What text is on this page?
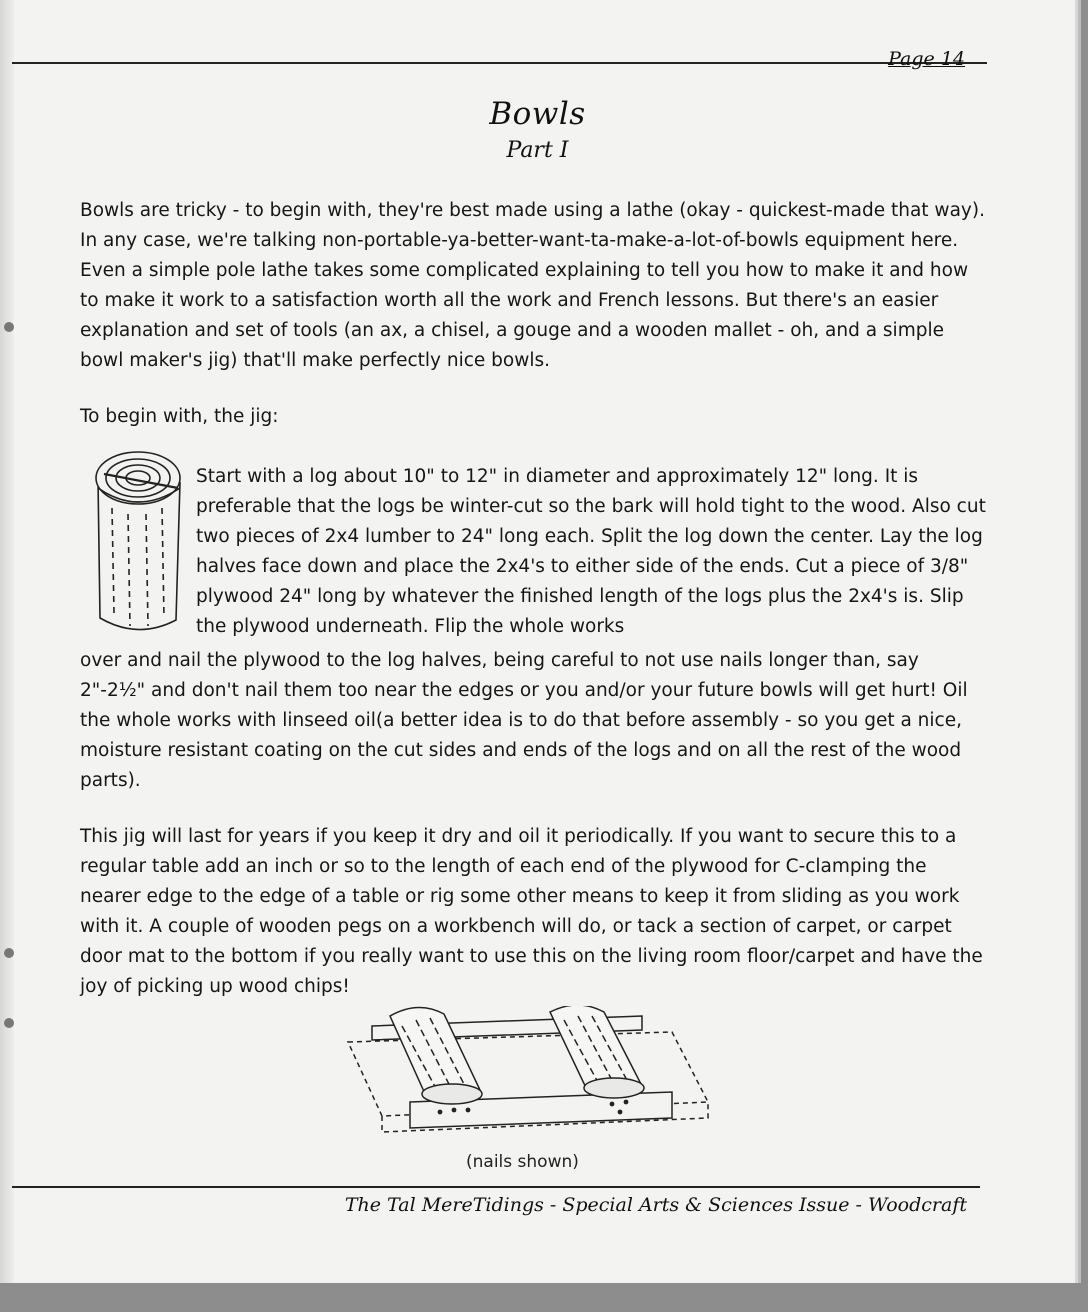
Page 14
Bowls
Part I
Bowls are tricky - to begin with, they're best made using a lathe (okay - quickest-made that way). In any case, we're talking non-portable-ya-better-want-ta-make-a-lot-of-bowls equipment here. Even a simple pole lathe takes some complicated explaining to tell you how to make it and how to make it work to a satisfaction worth all the work and French lessons. But there's an easier explanation and set of tools (an ax, a chisel, a gouge and a wooden mallet - oh, and a simple bowl maker's jig) that'll make perfectly nice bowls.
To begin with, the jig:
Start with a log about 10" to 12" in diameter and approximately 12" long. It is preferable that the logs be winter-cut so the bark will hold tight to the wood. Also cut two pieces of 2x4 lumber to 24" long each. Split the log down the center. Lay the log halves face down and place the 2x4's to either side of the ends. Cut a piece of 3/8" plywood 24" long by whatever the finished length of the logs plus the 2x4's is. Slip the plywood underneath. Flip the whole works
over and nail the plywood to the log halves, being careful to not use nails longer than, say 2"-2½" and don't nail them too near the edges or you and/or your future bowls will get hurt! Oil the whole works with linseed oil(a better idea is to do that before assembly - so you get a nice, moisture resistant coating on the cut sides and ends of the logs and on all the rest of the wood parts).
This jig will last for years if you keep it dry and oil it periodically. If you want to secure this to a regular table add an inch or so to the length of each end of the plywood for C-clamping the nearer edge to the edge of a table or rig some other means to keep it from sliding as you work with it. A couple of wooden pegs on a workbench will do, or tack a section of carpet, or carpet door mat to the bottom if you really want to use this on the living room floor/carpet and have the joy of picking up wood chips!
(nails shown)
The Tal MereTidings - Special Arts & Sciences Issue - Woodcraft
